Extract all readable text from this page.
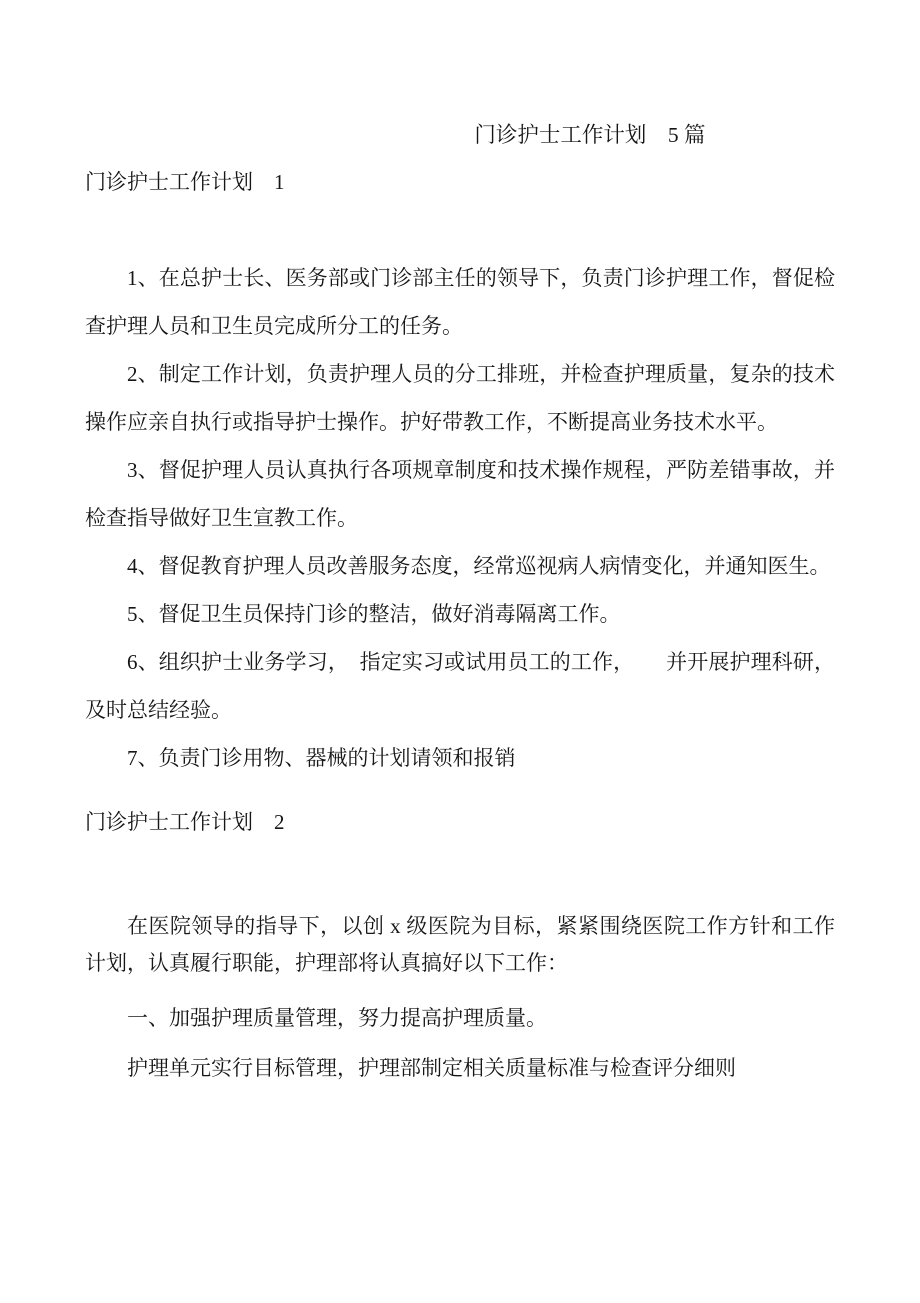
门诊护士工作计划　5 篇
门诊护士工作计划　1

1、在总护士长、医务部或门诊部主任的领导下，负责门诊护理工作，督促检查护理人员和卫生员完成所分工的任务。

2、制定工作计划，负责护理人员的分工排班，并检查护理质量，复杂的技术操作应亲自执行或指导护士操作。护好带教工作，不断提高业务技术水平。

3、督促护理人员认真执行各项规章制度和技术操作规程，严防差错事故，并检查指导做好卫生宣教工作。

4、督促教育护理人员改善服务态度，经常巡视病人病情变化，并通知医生。

5、督促卫生员保持门诊的整洁，做好消毒隔离工作。

6、组织护士业务学习，　指定实习或试用员工的工作，　　并开展护理科研，及时总结经验。

7、负责门诊用物、器械的计划请领和报销

门诊护士工作计划　2

在医院领导的指导下，以创 x 级医院为目标，紧紧围绕医院工作方针和工作计划，认真履行职能，护理部将认真搞好以下工作：

一、加强护理质量管理，努力提高护理质量。

护理单元实行目标管理，护理部制定相关质量标准与检查评分细则
